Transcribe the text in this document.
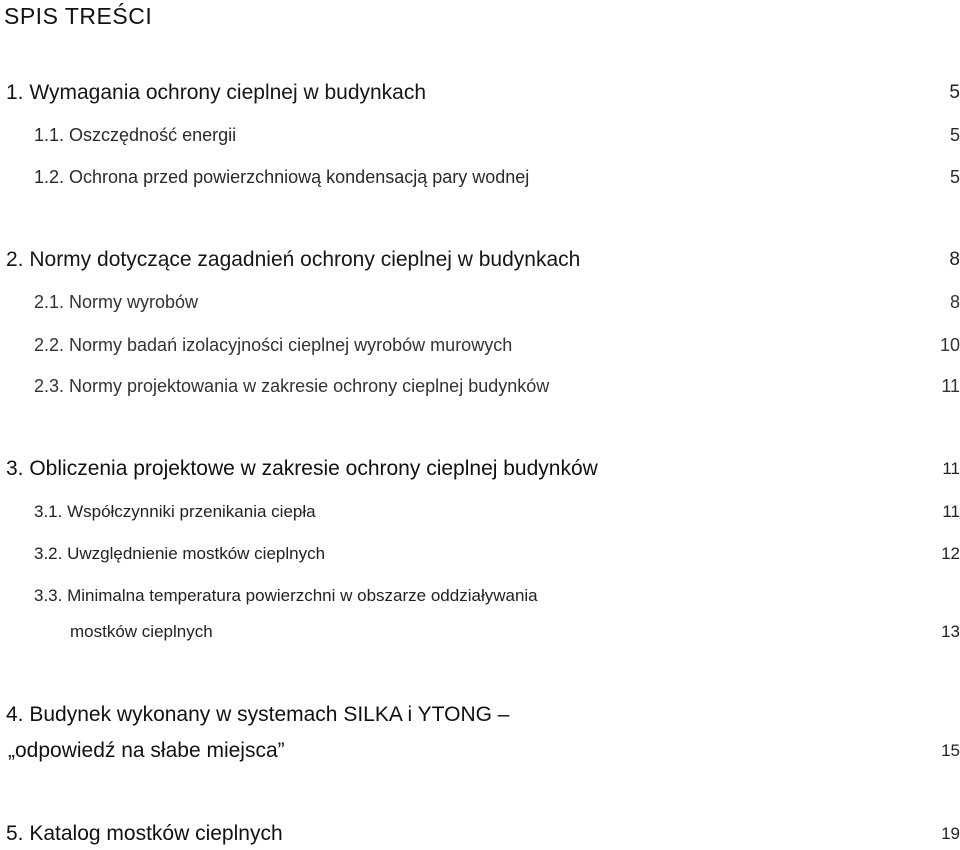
SPIS TREŚCI
1. Wymagania ochrony cieplnej w budynkach	5
1.1. Oszczędność energii	5
1.2. Ochrona przed powierzchniową kondensacją pary wodnej	5
2. Normy dotyczące zagadnień ochrony cieplnej w budynkach	8
2.1. Normy wyrobów	8
2.2. Normy badań izolacyjności cieplnej wyrobów murowych	10
2.3. Normy projektowania w zakresie ochrony cieplnej budynków	11
3. Obliczenia projektowe w zakresie ochrony cieplnej budynków	11
3.1. Współczynniki przenikania ciepła	11
3.2. Uwzględnienie mostków cieplnych	12
3.3. Minimalna temperatura powierzchni w obszarze oddziaływania
mostków cieplnych	13
4. Budynek wykonany w systemach SILKA i YTONG –
„odpowiedź na słabe miejsca”	15
5. Katalog mostków cieplnych	19
